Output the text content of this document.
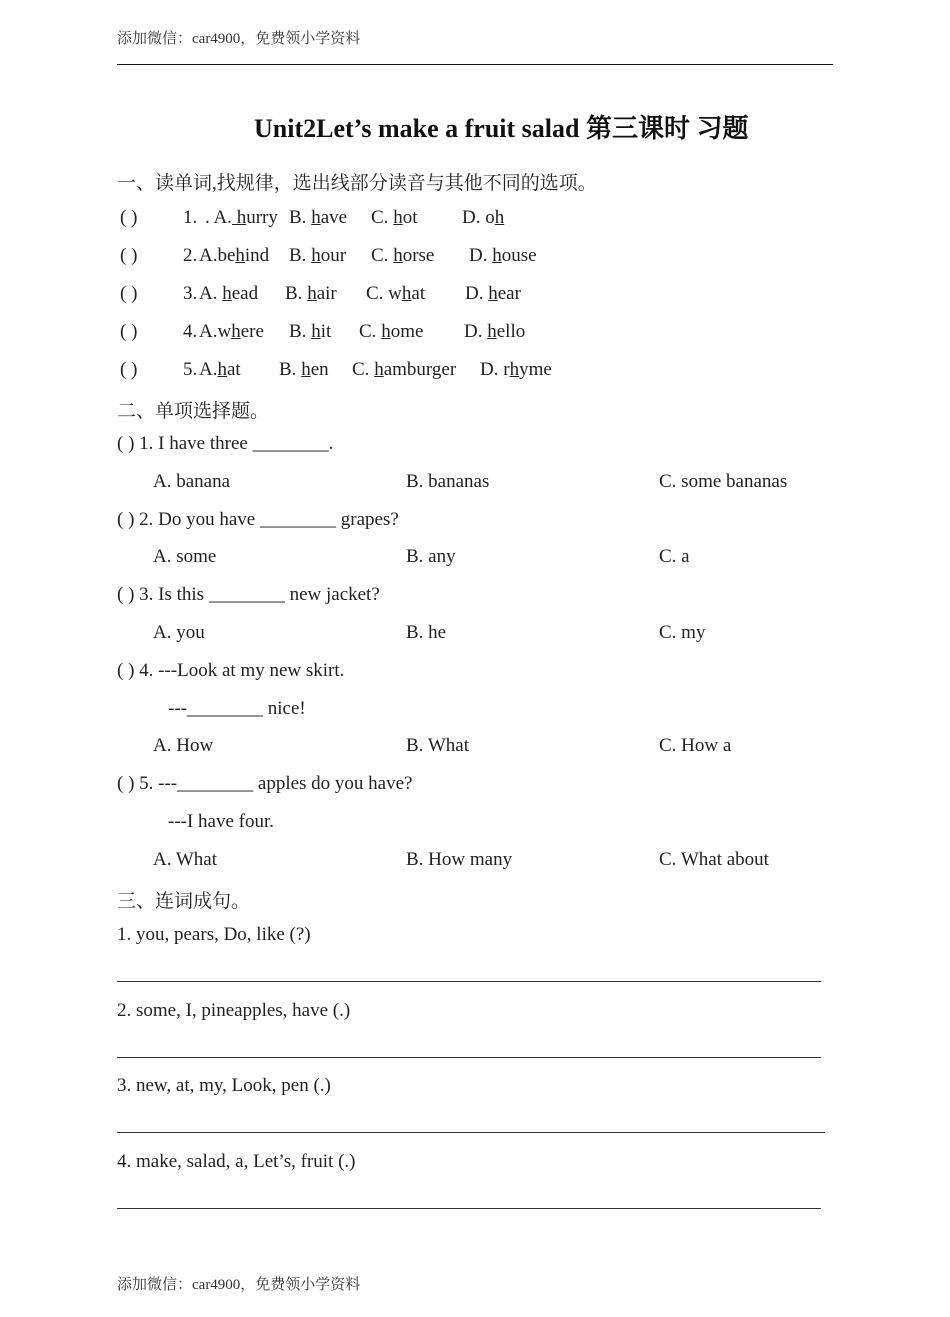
添加微信：car4900，免费领小学资料
Unit2Let’s make a fruit salad 第三课时 习题
一、读单词,找规律，选出线部分读音与其他不同的选项。
( ) 1. . A. hurry B. have C. hot D. oh
( ) 2. A.behind B. hour C. horse D. house
( ) 3. A. head B. hair C. what D. hear
( ) 4. A.where B. hit C. home D. hello
( ) 5. A.hat B. hen C. hamburger D. rhyme
二、单项选择题。
( ) 1. I have three ________.
A. banana	B. bananas	C. some bananas
( ) 2. Do you have ________ grapes?
A. some	B. any	C. a
( ) 3. Is this ________ new jacket?
A. you	B. he	C. my
( ) 4. ---Look at my new skirt.
---________ nice!
A. How	B. What	C. How a
( ) 5. ---________ apples do you have?
---I have four.
A. What	B. How many	C. What about
三、连词成句。
1. you, pears, Do, like (?)
2. some, I, pineapples, have (.)
3. new, at, my, Look, pen (.)
4. make, salad, a, Let’s, fruit (.)
添加微信：car4900，免费领小学资料
